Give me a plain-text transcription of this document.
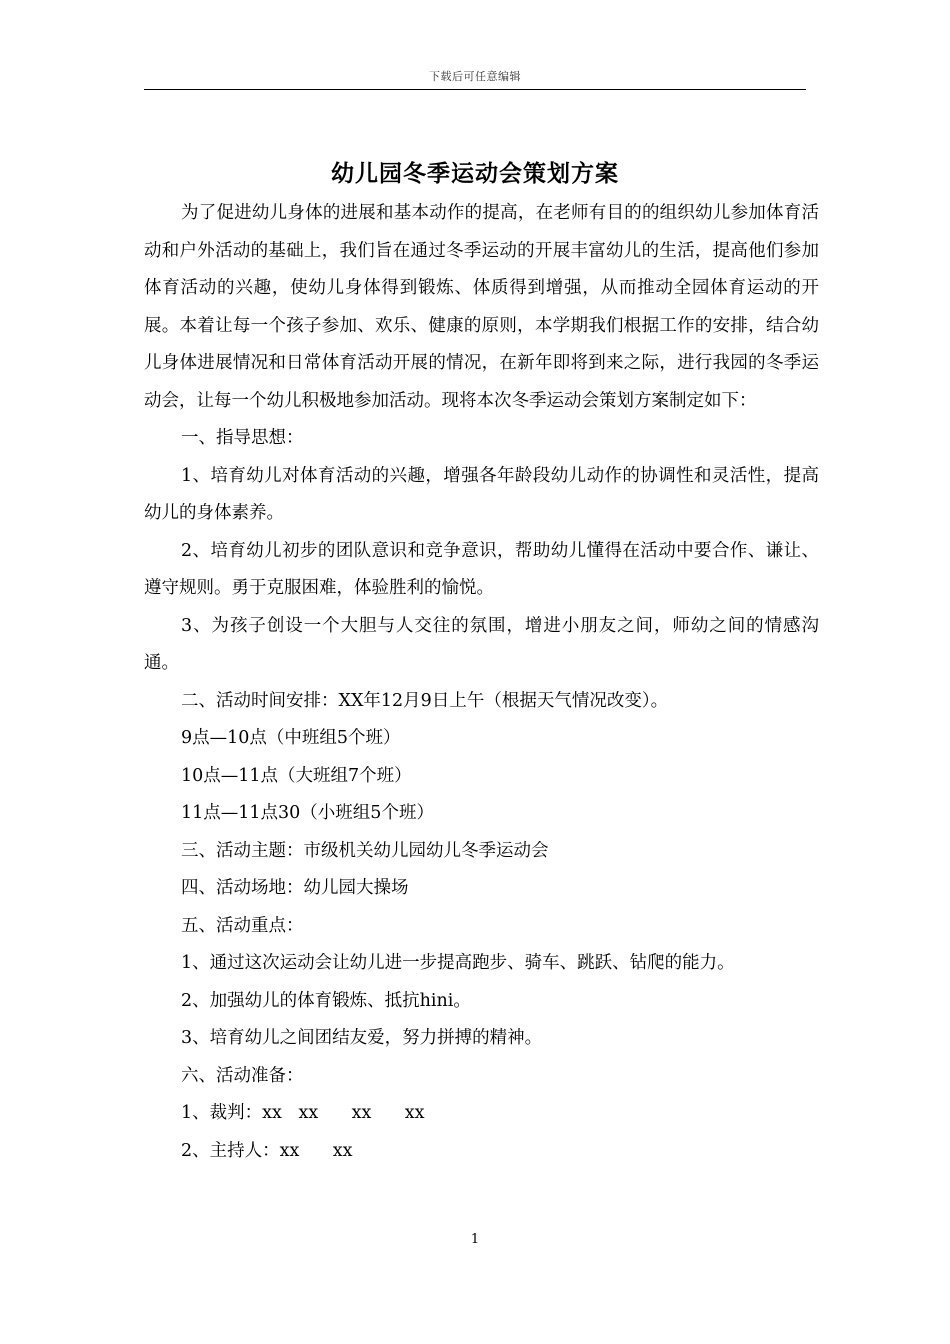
下载后可任意编辑
幼儿园冬季运动会策划方案

为了促进幼儿身体的进展和基本动作的提高，在老师有目的的组织幼儿参加体育活动和户外活动的基础上，我们旨在通过冬季运动的开展丰富幼儿的生活，提高他们参加体育活动的兴趣，使幼儿身体得到锻炼、体质得到增强，从而推动全园体育运动的开展。本着让每一个孩子参加、欢乐、健康的原则，本学期我们根据工作的安排，结合幼儿身体进展情况和日常体育活动开展的情况，在新年即将到来之际，进行我园的冬季运动会，让每一个幼儿积极地参加活动。现将本次冬季运动会策划方案制定如下：

一、指导思想：

1、培育幼儿对体育活动的兴趣，增强各年龄段幼儿动作的协调性和灵活性，提高幼儿的身体素养。

2、培育幼儿初步的团队意识和竞争意识，帮助幼儿懂得在活动中要合作、谦让、遵守规则。勇于克服困难，体验胜利的愉悦。

3、为孩子创设一个大胆与人交往的氛围，增进小朋友之间，师幼之间的情感沟通。

二、活动时间安排：XX年12月9日上午（根据天气情况改变）。

9点—10点（中班组5个班）

10点—11点（大班组7个班）

11点—11点30（小班组5个班）

三、活动主题：市级机关幼儿园幼儿冬季运动会

四、活动场地：幼儿园大操场

五、活动重点：

1、通过这次运动会让幼儿进一步提高跑步、骑车、跳跃、钻爬的能力。

2、加强幼儿的体育锻炼、抵抗hini。

3、培育幼儿之间团结友爱，努力拼搏的精神。

六、活动准备：

1、裁判：xx   xx      xx      xx

2、主持人：xx      xx

1
